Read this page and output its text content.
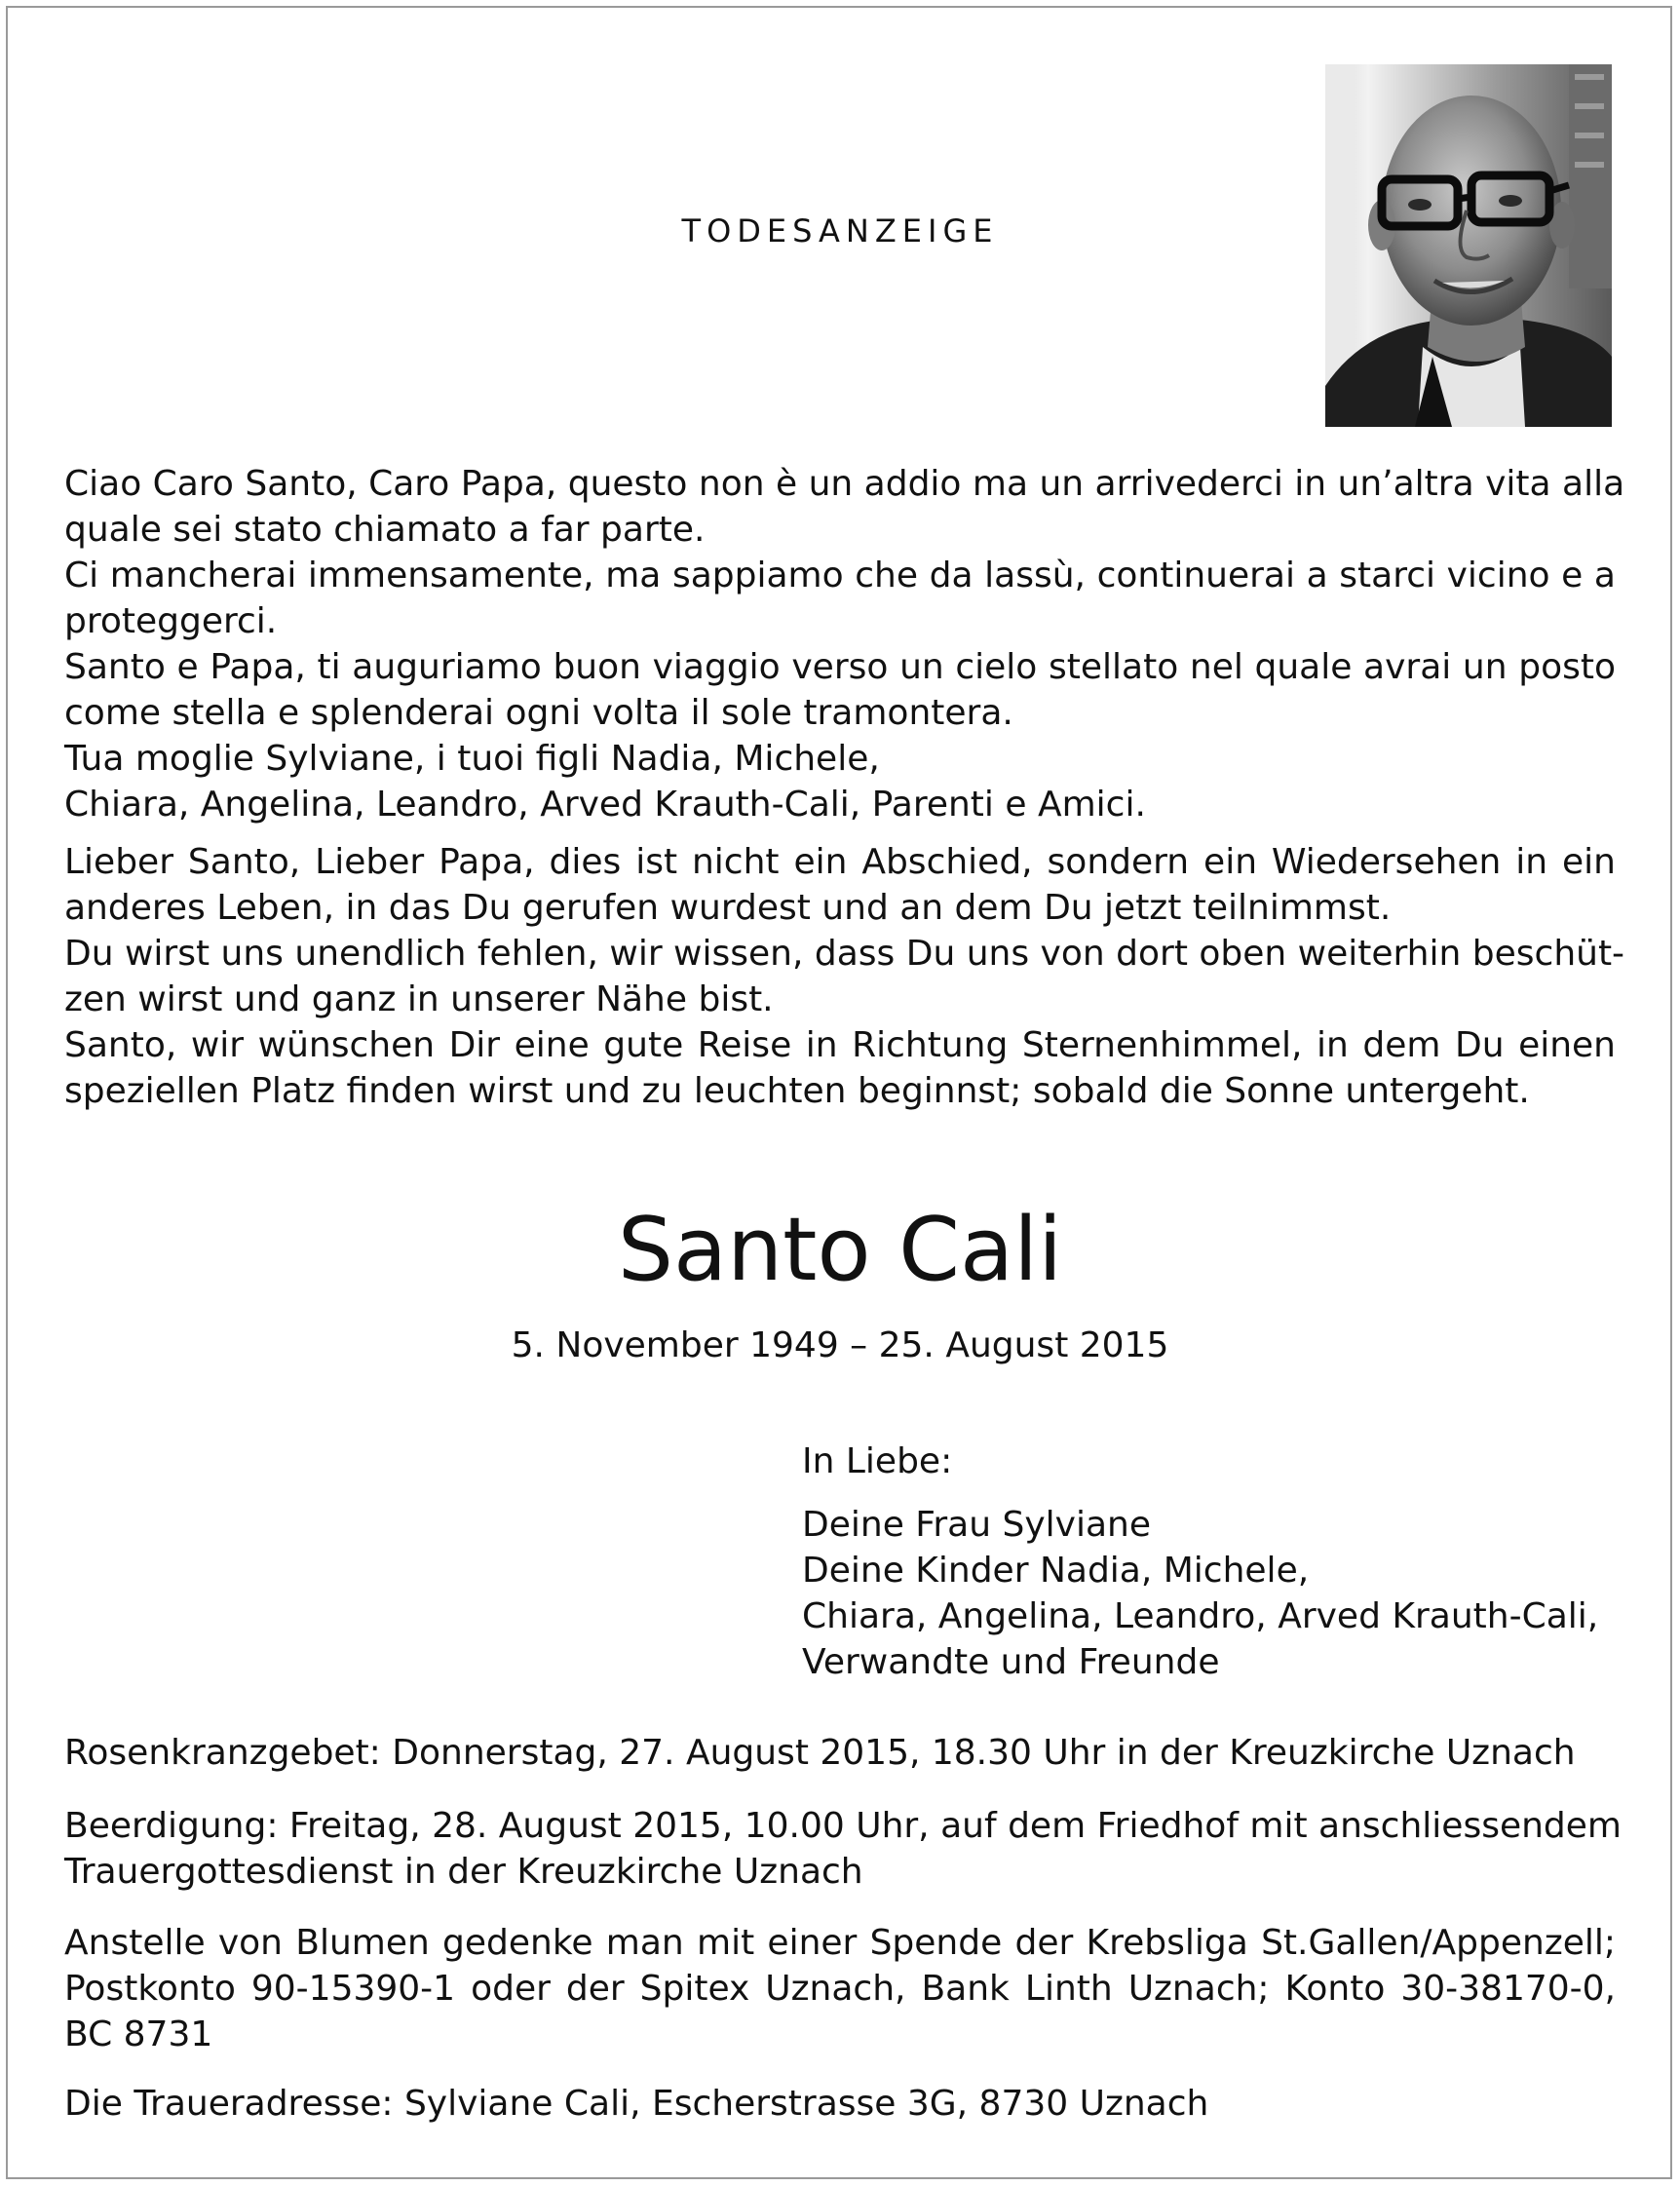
TODESANZEIGE
Ciao Caro Santo, Caro Papa, questo non è un addio ma un arrivederci in un’altra vita alla
quale sei stato chiamato a far parte.
Ci mancherai immensamente, ma sappiamo che da lassù, continuerai a starci vicino e a
proteggerci.
Santo e Papa, ti auguriamo buon viaggio verso un cielo stellato nel quale avrai un posto
come stella e splenderai ogni volta il sole tramontera.
Tua moglie Sylviane, i tuoi figli Nadia, Michele,
Chiara, Angelina, Leandro, Arved Krauth-Cali, Parenti e Amici.
Lieber Santo, Lieber Papa, dies ist nicht ein Abschied, sondern ein Wiedersehen in ein
anderes Leben, in das Du gerufen wurdest und an dem Du jetzt teilnimmst.
Du wirst uns unendlich fehlen, wir wissen, dass Du uns von dort oben weiterhin beschüt-
zen wirst und ganz in unserer Nähe bist.
Santo, wir wünschen Dir eine gute Reise in Richtung Sternenhimmel, in dem Du einen
speziellen Platz finden wirst und zu leuchten beginnst; sobald die Sonne untergeht.
Santo Cali
5. November 1949 – 25. August 2015
In Liebe:
Deine Frau Sylviane
Deine Kinder Nadia, Michele,
Chiara, Angelina, Leandro, Arved Krauth-Cali,
Verwandte und Freunde
Rosenkranzgebet: Donnerstag, 27. August 2015, 18.30 Uhr in der Kreuzkirche Uznach
Beerdigung: Freitag, 28. August 2015, 10.00 Uhr, auf dem Friedhof mit anschliessendem
Trauergottesdienst in der Kreuzkirche Uznach
Anstelle von Blumen gedenke man mit einer Spende der Krebsliga St.Gallen/Appenzell;
Postkonto 90-15390-1 oder der Spitex Uznach, Bank Linth Uznach; Konto 30-38170-0,
BC 8731
Die Traueradresse: Sylviane Cali, Escherstrasse 3G, 8730 Uznach
